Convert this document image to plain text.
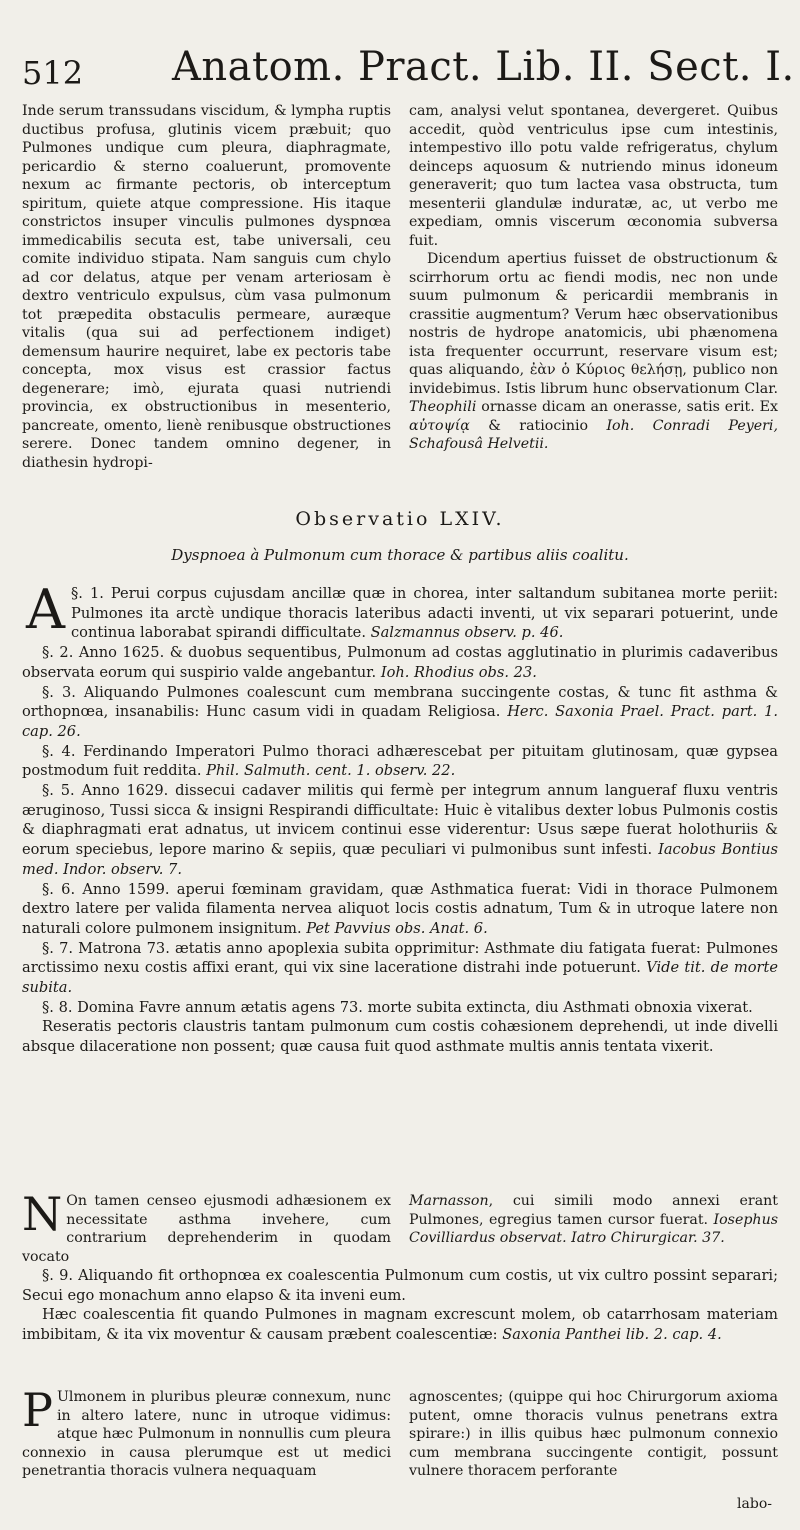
512 Anatom. Pract. Lib. II. Sect. I.

Inde serum transsudans viscidum, & lympha ruptis ductibus profusa, glutinis vicem præbuit; quo Pulmones undique cum pleura, diaphragmate, pericardio & sterno coaluerunt, promovente nexum ac firmante pectoris, ob interceptum spiritum, quiete atque compressione. His itaque constrictos insuper vinculis pulmones dyspnœa immedicabilis secuta est, tabe universali, ceu comite individuo stipata. Nam sanguis cum chylo ad cor delatus, atque per venam arteriosam è dextro ventriculo expulsus, cùm vasa pulmonum tot præpedita obstaculis permeare, auræque vitalis (qua sui ad perfectionem indiget) demensum haurire nequiret, labe ex pectoris tabe concepta, mox visus est crassior factus degenerare; imò, ejurata quasi nutriendi provincia, ex obstructionibus in mesenterio, pancreate, omento, lienè renibusque obstructiones serere. Donec tandem omnino degener, in diathesin hydropi-

cam, analysi velut spontanea, devergeret. Quibus accedit, quòd ventriculus ipse cum intestinis, intempestivo illo potu valde refrigeratus, chylum deinceps aquosum & nutriendo minus idoneum generaverit; quo tum lactea vasa obstructa, tum mesenterii glandulæ induratæ, ac, ut verbo me expediam, omnis viscerum œconomia subversa fuit.

Dicendum apertius fuisset de obstructionum & scirrhorum ortu ac fiendi modis, nec non unde suum pulmonum & pericardii membranis in crassitie augmentum? Verum hæc observationibus nostris de hydrope anatomicis, ubi phænomena ista frequenter occurrunt, reservare visum est; quas aliquando, ἐὰν ὁ Κύριος θελήσῃ, publico non invidebimus. Istis librum hunc observationum Clar. Theophili ornasse dicam an onerasse, satis erit. Ex αὐτοψίᾳ & ratiocinio Ioh. Conradi Peyeri, Schafousâ Helvetii.

Observatio LXIV.
Dyspnoea à Pulmonum cum thorace & partibus aliis coalitu.

§. 1.
A	Perui corpus cujusdam ancillæ quæ in chorea, inter saltandum subitanea morte periit: Pulmones ita arctè undique thoracis lateribus adacti inventi, ut vix separari potuerint, unde continua laborabat spirandi difficultate. Salzmannus observ. p. 46.

§. 2. Anno 1625. & duobus sequentibus, Pulmonum ad costas agglutinatio in plurimis cadaveribus observata eorum qui suspirio valde angebantur. Ioh. Rhodius obs. 23.

§. 3. Aliquando Pulmones coalescunt cum membrana succingente costas, & tunc fit asthma & orthopnœa, insanabilis: Hunc casum vidi in quadam Religiosa. Herc. Saxonia Prael. Pract. part. 1. cap. 26.

§. 4. Ferdinando Imperatori Pulmo thoraci adhærescebat per pituitam glutinosam, quæ gypsea postmodum fuit reddita. Phil. Salmuth. cent. 1. observ. 22.

§. 5. Anno 1629. dissecui cadaver militis qui fermè per integrum annum langueraf fluxu ventris æruginoso, Tussi sicca & insigni Respirandi difficultate: Huic è vitalibus dexter lobus Pulmonis costis & diaphragmati erat adnatus, ut invicem continui esse viderentur: Usus sæpe fuerat holothuriis & eorum speciebus, lepore marino & sepiis, quæ peculiari vi pulmonibus sunt infesti. Iacobus Bontius med. Indor. observ. 7.

§. 6. Anno 1599. aperui fœminam gravidam, quæ Asthmatica fuerat: Vidi in thorace Pulmonem dextro latere per valida filamenta nervea aliquot locis costis adnatum, Tum & in utroque latere non naturali colore pulmonem insignitum. Pet Pavvius obs. Anat. 6.

§. 7. Matrona 73. ætatis anno apoplexia subita opprimitur: Asthmate diu fatigata fuerat: Pulmones arctissimo nexu costis affixi erant, qui vix sine laceratione distrahi inde potuerunt. Vide tit. de morte subita.

§. 8. Domina Favre annum ætatis agens 73. morte subita extincta, diu Asthmati obnoxia vixerat.

Reseratis pectoris claustris tantam pulmonum cum costis cohæsionem deprehendi, ut inde divelli absque dilaceratione non possent; quæ causa fuit quod asthmate multis annis tentata vixerit.

N On tamen censeo ejusmodi adhæsionem ex necessitate asthma invehere, cum contrarium deprehenderim in quodam vocato

Marnasson, cui simili modo annexi erant Pulmones, egregius tamen cursor fuerat. Iosephus Covilliardus observat. Iatro Chirurgicar. 37.

§. 9. Aliquando fit orthopnœa ex coalescentia Pulmonum cum costis, ut vix cultro possint separari; Secui ego monachum anno elapso & ita inveni eum.

Hæc coalescentia fit quando Pulmones in magnam excrescunt molem, ob catarrhosam materiam imbibitam, & ita vix moventur & causam præbent coalescentiæ: Saxonia Panthei lib. 2. cap. 4.

P Ulmonem in pluribus pleuræ connexum, nunc in altero latere, nunc in utroque vidimus: atque hæc Pulmonum in nonnullis cum pleura connexio in causa plerumque est ut medici penetrantia thoracis vulnera nequaquam

agnoscentes; (quippe qui hoc Chirurgorum axioma putent, omne thoracis vulnus penetrans extra spirare:) in illis quibus hæc pulmonum connexio cum membrana succingente contigit, possunt vulnere thoracem perforante

labo-
